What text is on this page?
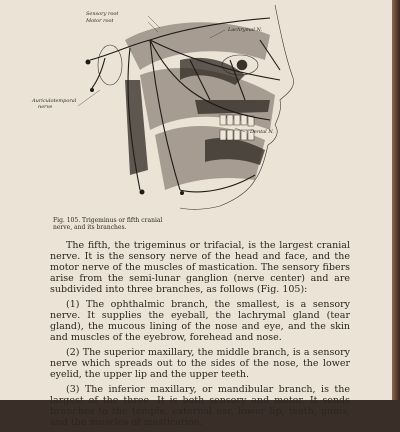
Sensory root
Motor root
Lachrymal N.
Auriculotemporal
nerve
Dental N.

Fig. 105. Trigeminus or fifth cranial

nerve, and its branches.

The fifth, the trigeminus or trifacial, is the largest cranial nerve. It is the sensory nerve of the head and face, and the motor nerve of the muscles of mastication. The sensory fibers arise from the semi-lunar ganglion (nerve center) and are subdivided into three branches, as follows (Fig. 105):

(1) The ophthalmic branch, the smallest, is a sensory nerve. It supplies the eyeball, the lachrymal gland (tear gland), the mucous lining of the nose and eye, and the skin and muscles of the eyebrow, forehead and nose.

(2) The superior maxillary, the middle branch, is a sensory nerve which spreads out to the sides of the nose, the lower eyelid, the upper lip and the upper teeth.

(3) The inferior maxillary, or mandibular branch, is the largest of the three. It is both sensory and motor. It sends branches to the temple, external ear, lower lip, teeth, gums, and the muscles of mastication.
